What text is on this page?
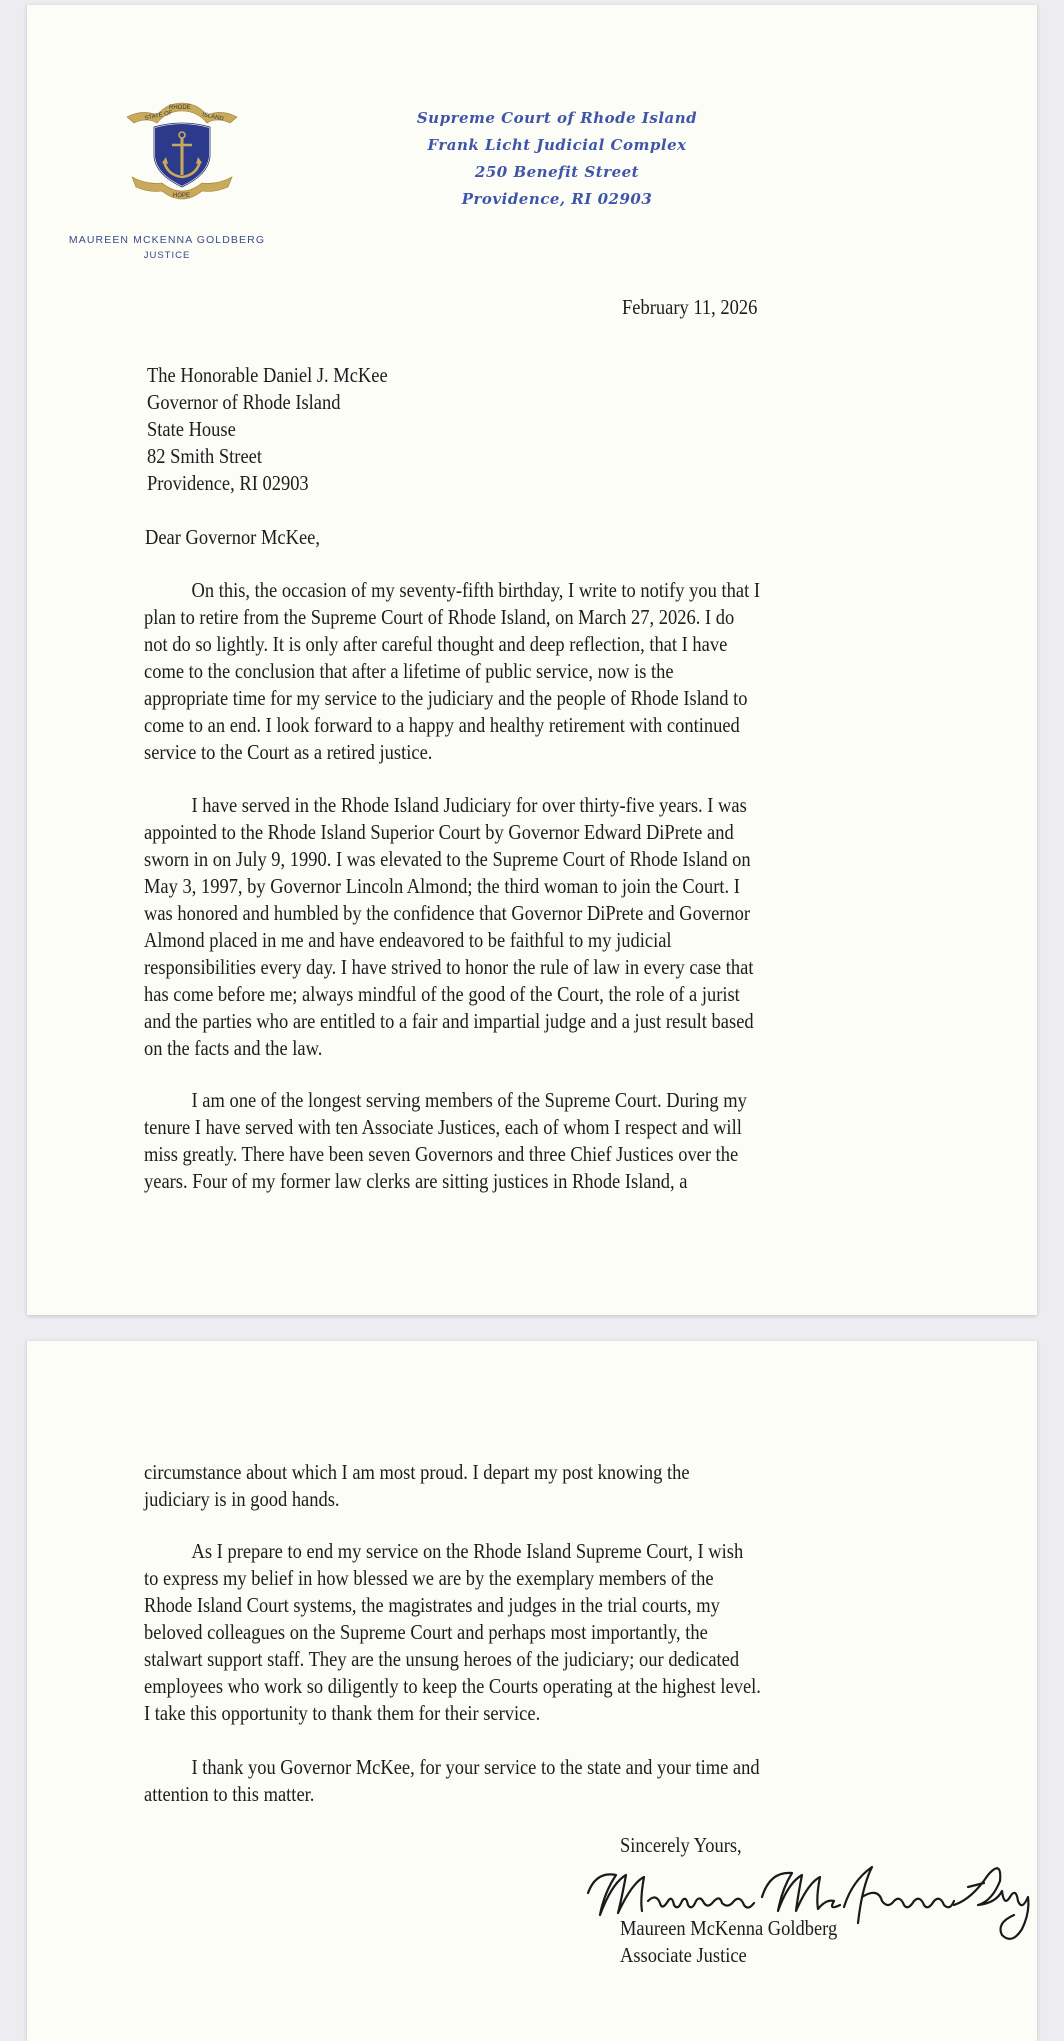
STATE OF
RHODE
ISLAND
HOPE
MAUREEN MCKENNA GOLDBERG
JUSTICE
Supreme Court of Rhode Island
Frank Licht Judicial Complex
250 Benefit Street
Providence, RI 02903
February 11, 2026
The Honorable Daniel J. McKee
Governor of Rhode Island
State House
82 Smith Street
Providence, RI 02903
Dear Governor McKee,
On this, the occasion of my seventy-fifth birthday, I write to notify you that I
plan to retire from the Supreme Court of Rhode Island, on March 27, 2026. I do
not do so lightly. It is only after careful thought and deep reflection, that I have
come to the conclusion that after a lifetime of public service, now is the
appropriate time for my service to the judiciary and the people of Rhode Island to
come to an end. I look forward to a happy and healthy retirement with continued
service to the Court as a retired justice.
I have served in the Rhode Island Judiciary for over thirty-five years. I was
appointed to the Rhode Island Superior Court by Governor Edward DiPrete and
sworn in on July 9, 1990. I was elevated to the Supreme Court of Rhode Island on
May 3, 1997, by Governor Lincoln Almond; the third woman to join the Court. I
was honored and humbled by the confidence that Governor DiPrete and Governor
Almond placed in me and have endeavored to be faithful to my judicial
responsibilities every day. I have strived to honor the rule of law in every case that
has come before me; always mindful of the good of the Court, the role of a jurist
and the parties who are entitled to a fair and impartial judge and a just result based
on the facts and the law.
I am one of the longest serving members of the Supreme Court. During my
tenure I have served with ten Associate Justices, each of whom I respect and will
miss greatly. There have been seven Governors and three Chief Justices over the
years. Four of my former law clerks are sitting justices in Rhode Island, a
circumstance about which I am most proud. I depart my post knowing the
judiciary is in good hands.
As I prepare to end my service on the Rhode Island Supreme Court, I wish
to express my belief in how blessed we are by the exemplary members of the
Rhode Island Court systems, the magistrates and judges in the trial courts, my
beloved colleagues on the Supreme Court and perhaps most importantly, the
stalwart support staff. They are the unsung heroes of the judiciary; our dedicated
employees who work so diligently to keep the Courts operating at the highest level.
I take this opportunity to thank them for their service.
I thank you Governor McKee, for your service to the state and your time and
attention to this matter.
Sincerely Yours,
Maureen McKenna Goldberg
Associate Justice
